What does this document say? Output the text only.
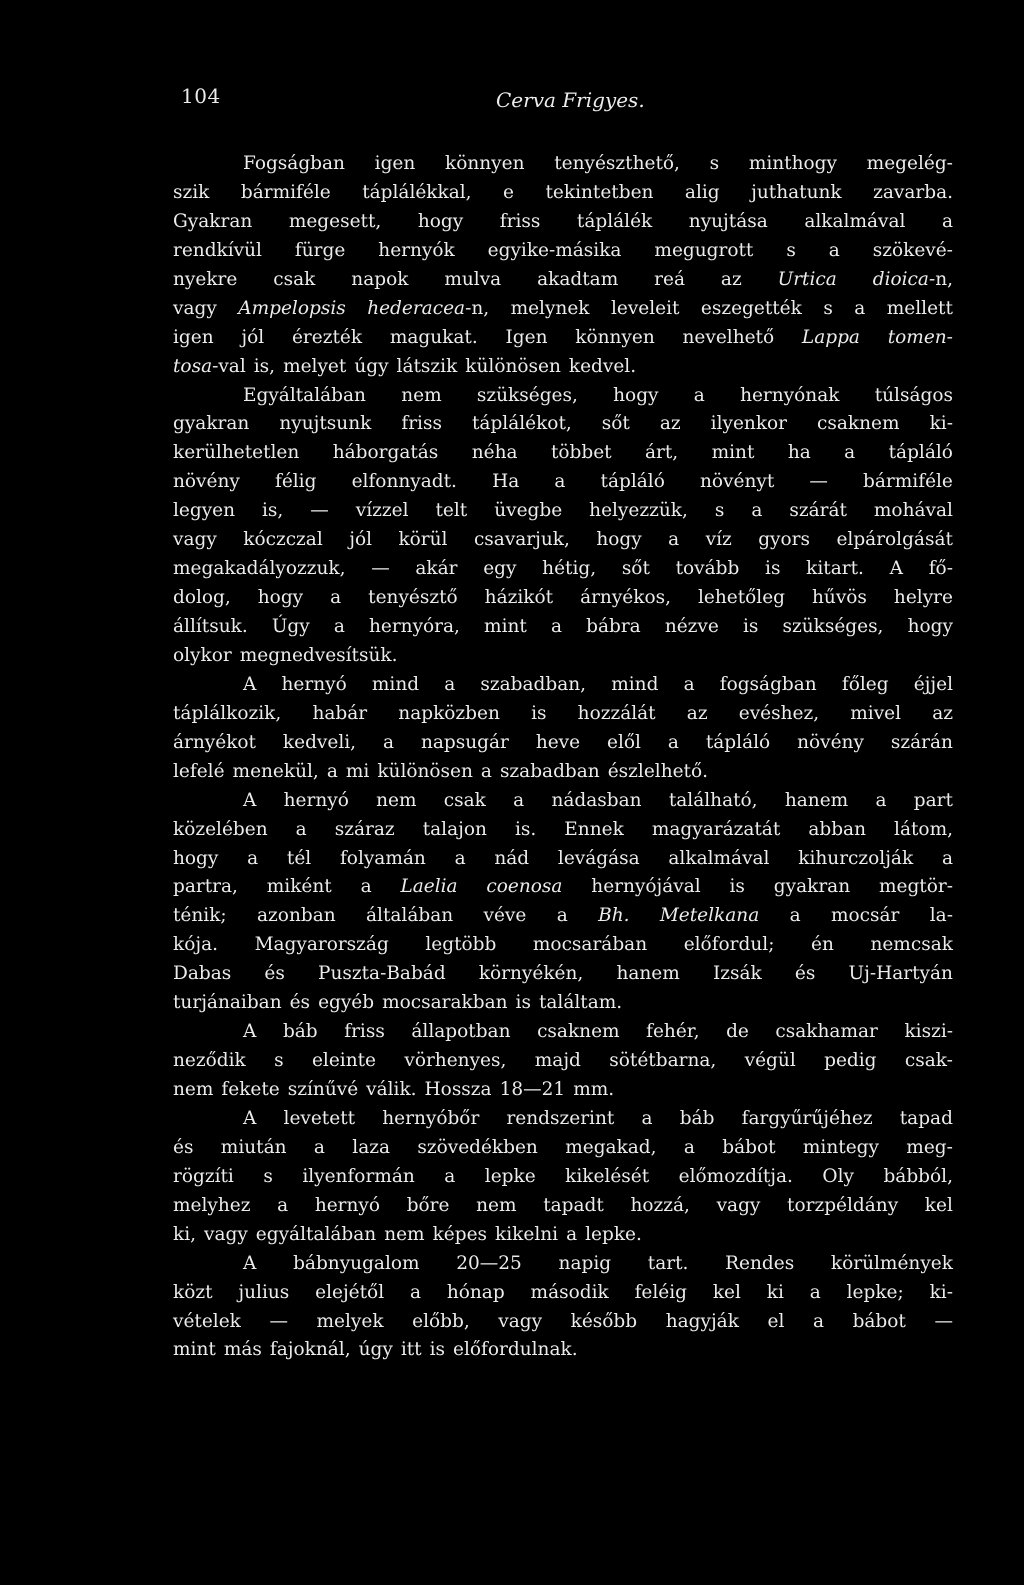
104	Cerva Frigyes.
Fogságban igen könnyen tenyészthető, s minthogy megelég-
szik bármiféle táplálékkal, e tekintetben alig juthatunk zavarba.
Gyakran megesett, hogy friss táplálék nyujtása alkalmával a
rendkívül fürge hernyók egyike-másika megugrott s a szökevé-
nyekre csak napok mulva akadtam reá az Urtica dioica-n,
vagy Ampelopsis hederacea-n, melynek leveleit eszegették s a mellett
igen jól érezték magukat. Igen könnyen nevelhető Lappa tomen-
tosa-val is, melyet úgy látszik különösen kedvel.
Egyáltalában nem szükséges, hogy a hernyónak túlságos
gyakran nyujtsunk friss táplálékot, sőt az ilyenkor csaknem ki-
kerülhetetlen háborgatás néha többet árt, mint ha a tápláló
növény félig elfonnyadt. Ha a tápláló növényt — bármiféle
legyen is, — vízzel telt üvegbe helyezzük, s a szárát mohával
vagy kóczczal jól körül csavarjuk, hogy a víz gyors elpárolgását
megakadályozzuk, — akár egy hétig, sőt tovább is kitart. A fő-
dolog, hogy a tenyésztő házikót árnyékos, lehetőleg hűvös helyre
állítsuk. Úgy a hernyóra, mint a bábra nézve is szükséges, hogy
olykor megnedvesítsük.
A hernyó mind a szabadban, mind a fogságban főleg éjjel
táplálkozik, habár napközben is hozzálát az evéshez, mivel az
árnyékot kedveli, a napsugár heve elől a tápláló növény szárán
lefelé menekül, a mi különösen a szabadban észlelhető.
A hernyó nem csak a nádasban található, hanem a part
közelében a száraz talajon is. Ennek magyarázatát abban látom,
hogy a tél folyamán a nád levágása alkalmával kihurczolják a
partra, miként a Laelia coenosa hernyójával is gyakran megtör-
ténik; azonban általában véve a Bh. Metelkana a mocsár la-
kója. Magyarország legtöbb mocsarában előfordul; én nemcsak
Dabas és Puszta-Babád környékén, hanem Izsák és Uj-Hartyán
turjánaiban és egyéb mocsarakban is találtam.
A báb friss állapotban csaknem fehér, de csakhamar kiszi-
neződik s eleinte vörhenyes, majd sötétbarna, végül pedig csak-
nem fekete színűvé válik. Hossza 18—21 mm.
A levetett hernyóbőr rendszerint a báb fargyűrűjéhez tapad
és miután a laza szövedékben megakad, a bábot mintegy meg-
rögzíti s ilyenformán a lepke kikelését előmozdítja. Oly bábból,
melyhez a hernyó bőre nem tapadt hozzá, vagy torzpéldány kel
ki, vagy egyáltalában nem képes kikelni a lepke.
A bábnyugalom 20—25 napig tart. Rendes körülmények
közt julius elejétől a hónap második feléig kel ki a lepke; ki-
vételek — melyek előbb, vagy később hagyják el a bábot —
mint más fajoknál, úgy itt is előfordulnak.
